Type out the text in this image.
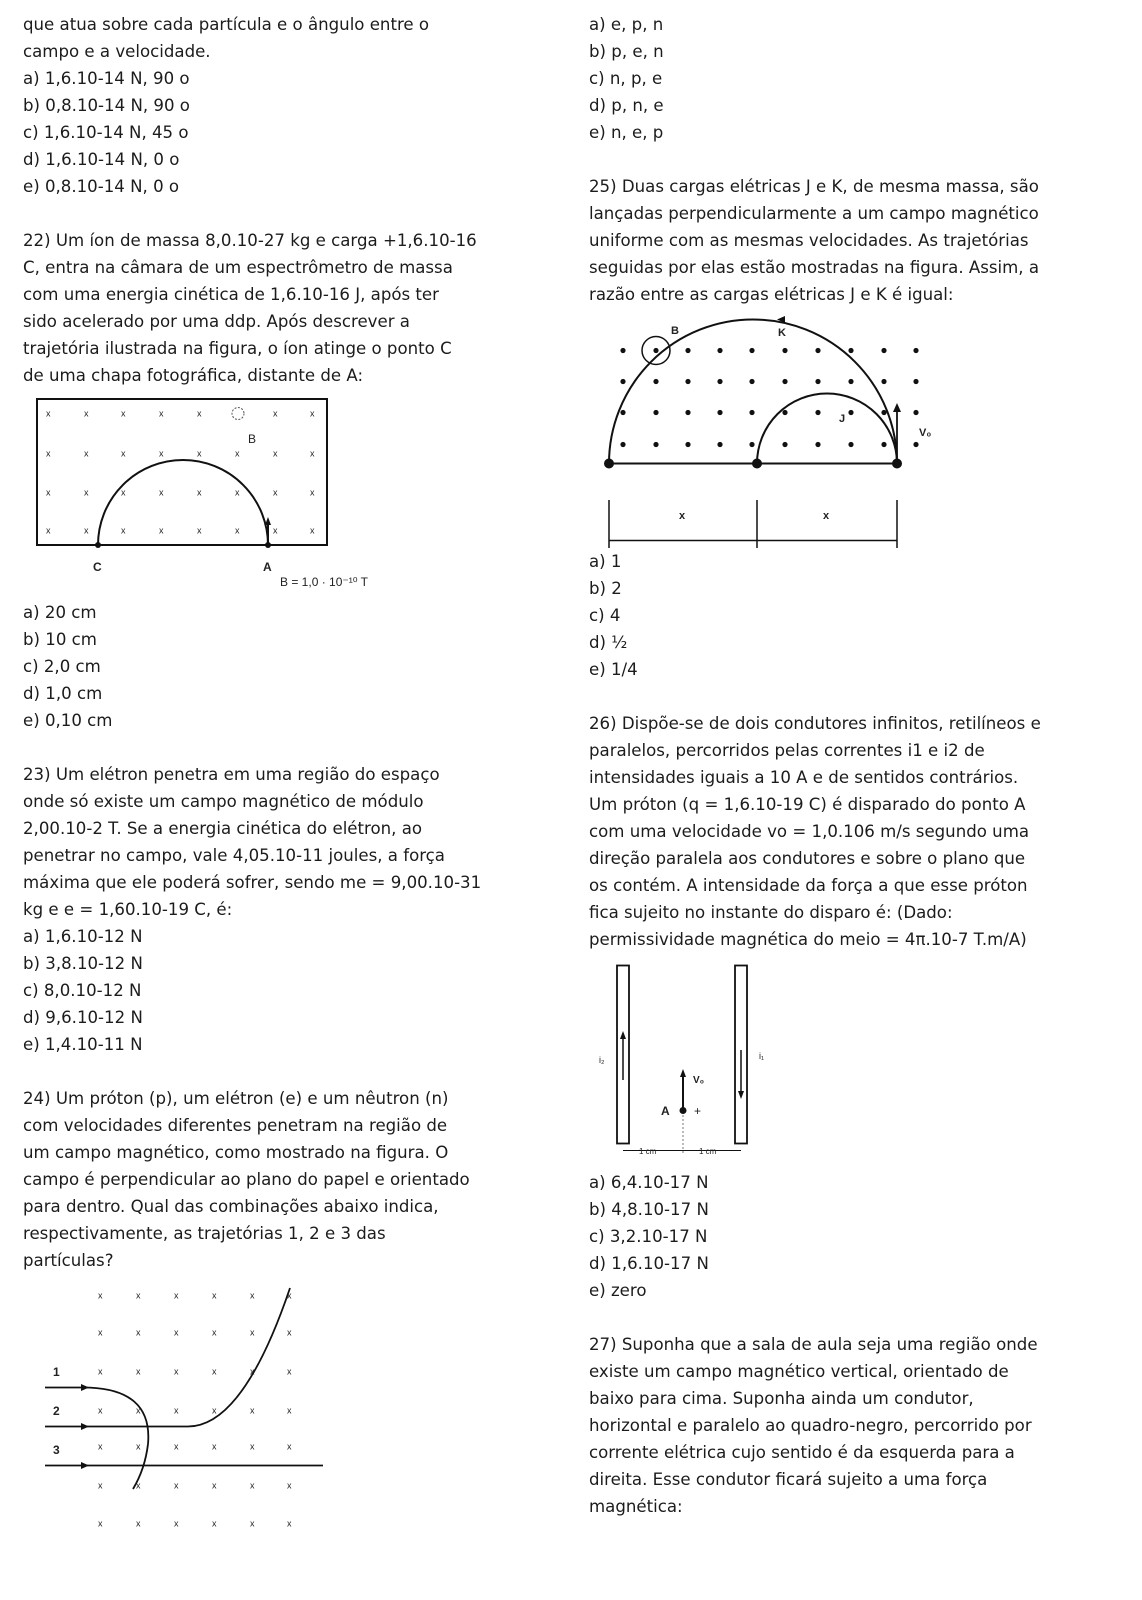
que atua sobre cada partícula e o ângulo entre o
campo e a velocidade.
a) 1,6.10-14 N, 90 o
b) 0,8.10-14 N, 90 o
c) 1,6.10-14 N, 45 o
d) 1,6.10-14 N, 0 o
e) 0,8.10-14 N, 0 o
22) Um íon de massa 8,0.10-27 kg e carga +1,6.10-16
C, entra na câmara de um espectrômetro de massa
com uma energia cinética de 1,6.10-16 J, após ter
sido acelerado por uma ddp. Após descrever a
trajetória ilustrada na figura, o íon atinge o ponto C
de uma chapa fotográfica, distante de A:
x	x	x	x	x	x	x
x	x	x	x	x	x	x	x
x	x	x	x	x	x	x	x
x	x	x	x	x	x	x	x
B
C	A
B = 1,0 · 10⁻¹⁰ T
a) 20 cm
b) 10 cm
c) 2,0 cm
d) 1,0 cm
e) 0,10 cm
23) Um elétron penetra em uma região do espaço
onde só existe um campo magnético de módulo
2,00.10-2 T. Se a energia cinética do elétron, ao
penetrar no campo, vale 4,05.10-11 joules, a força
máxima que ele poderá sofrer, sendo me = 9,00.10-31
kg e e = 1,60.10-19 C, é:
a) 1,6.10-12 N
b) 3,8.10-12 N
c) 8,0.10-12 N
d) 9,6.10-12 N
e) 1,4.10-11 N
24) Um próton (p), um elétron (e) e um nêutron (n)
com velocidades diferentes penetram na região de
um campo magnético, como mostrado na figura. O
campo é perpendicular ao plano do papel e orientado
para dentro. Qual das combinações abaixo indica,
respectivamente, as trajetórias 1, 2 e 3 das
partículas?
x	x	x	x	x	x
x	x	x	x	x	x
x	x	x	x	x	x
x	x	x	x	x	x
x	x	x	x	x	x
x	x	x	x	x	x
x	x	x	x	x	x
1
2
3
a) e, p, n
b) p, e, n
c) n, p, e
d) p, n, e
e) n, e, p
25) Duas cargas elétricas J e K, de mesma massa, são
lançadas perpendicularmente a um campo magnético
uniforme com as mesmas velocidades. As trajetórias
seguidas por elas estão mostradas na figura. Assim, a
razão entre as cargas elétricas J e K é igual:
B	K
J
V₀
x	x
a) 1
b) 2
c) 4
d) ½
e) 1/4
26) Dispõe-se de dois condutores infinitos, retilíneos e
paralelos, percorridos pelas correntes i1 e i2 de
intensidades iguais a 10 A e de sentidos contrários.
Um próton (q = 1,6.10-19 C) é disparado do ponto A
com uma velocidade vo = 1,0.106 m/s segundo uma
direção paralela aos condutores e sobre o plano que
os contém. A intensidade da força a que esse próton
fica sujeito no instante do disparo é: (Dado:
permissividade magnética do meio = 4π.10-7 T.m/A)
i₂	i₁
A +
V₀
1 cm	1 cm
a) 6,4.10-17 N
b) 4,8.10-17 N
c) 3,2.10-17 N
d) 1,6.10-17 N
e) zero
27) Suponha que a sala de aula seja uma região onde
existe um campo magnético vertical, orientado de
baixo para cima. Suponha ainda um condutor,
horizontal e paralelo ao quadro-negro, percorrido por
corrente elétrica cujo sentido é da esquerda para a
direita. Esse condutor ficará sujeito a uma força
magnética:
